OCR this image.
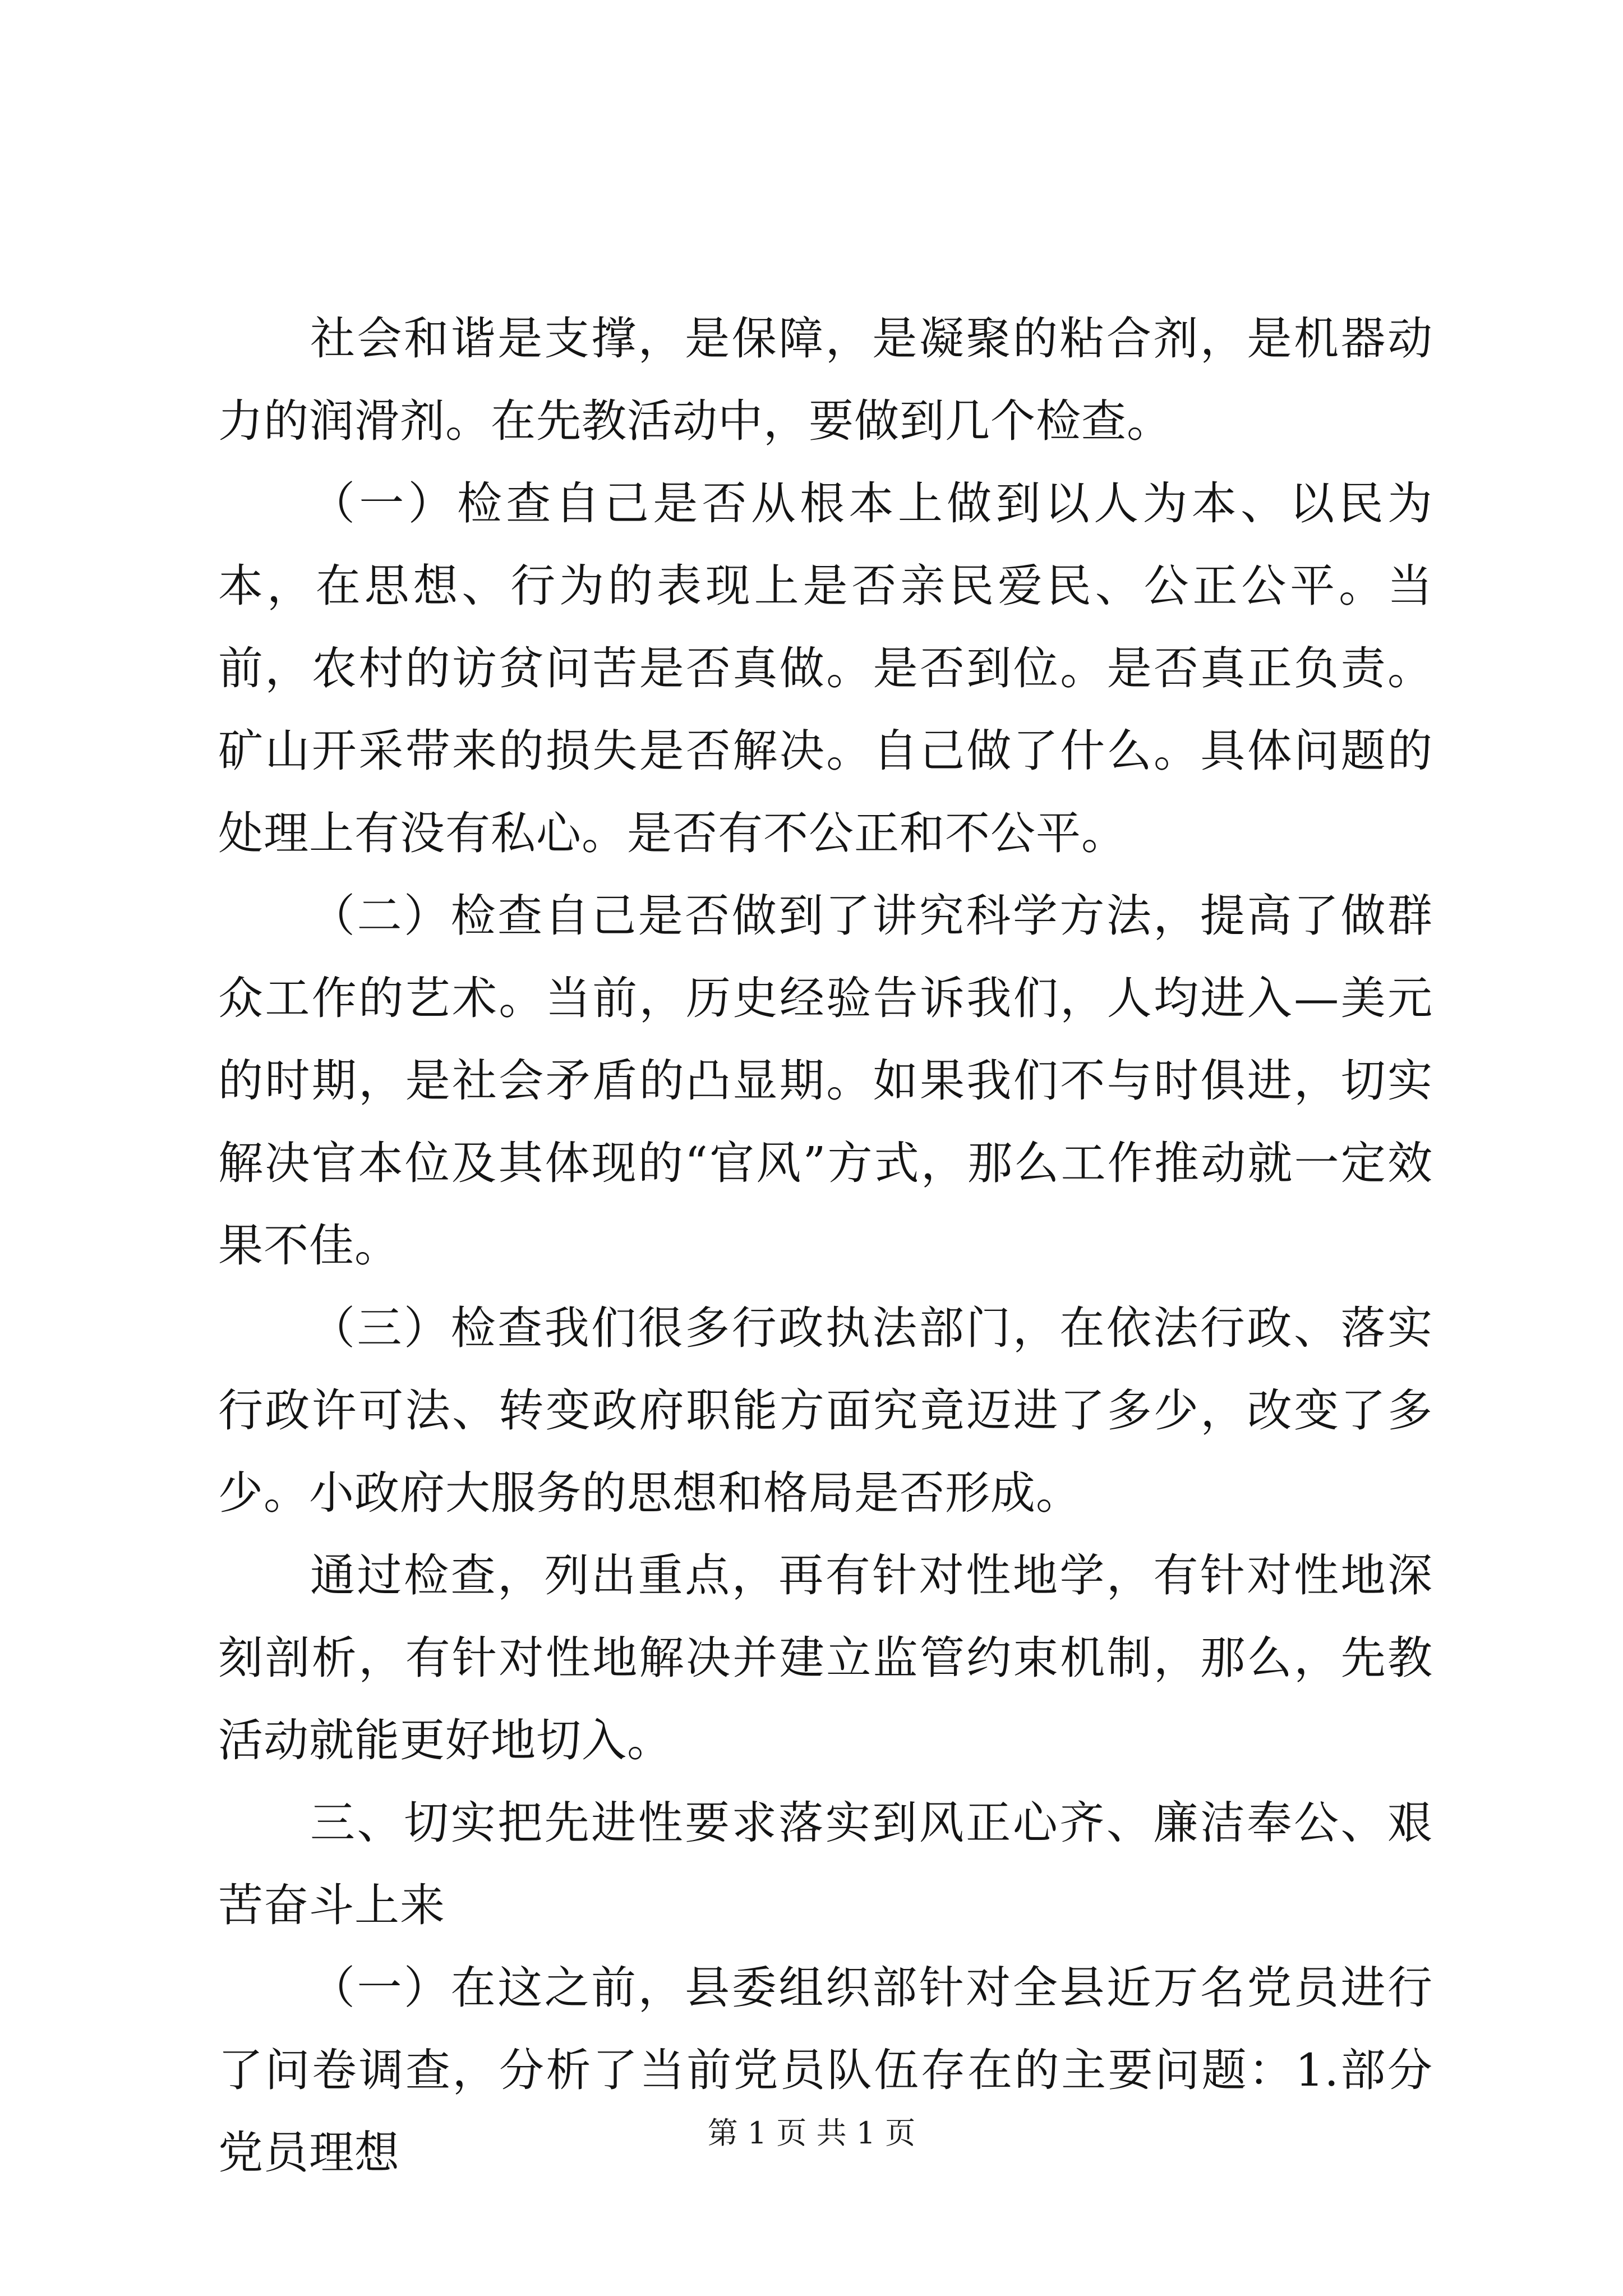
社会和谐是支撑，是保障，是凝聚的粘合剂，是机器动力的润滑剂。在先教活动中，要做到几个检查。

（一）检查自己是否从根本上做到以人为本、以民为本，在思想、行为的表现上是否亲民爱民、公正公平。当前，农村的访贫问苦是否真做。是否到位。是否真正负责。矿山开采带来的损失是否解决。自己做了什么。具体问题的处理上有没有私心。是否有不公正和不公平。

（二）检查自己是否做到了讲究科学方法，提高了做群众工作的艺术。当前，历史经验告诉我们，人均进入—美元的时期，是社会矛盾的凸显期。如果我们不与时俱进，切实解决官本位及其体现的“官风”方式，那么工作推动就一定效果不佳。

（三）检查我们很多行政执法部门，在依法行政、落实行政许可法、转变政府职能方面究竟迈进了多少，改变了多少。小政府大服务的思想和格局是否形成。

通过检查，列出重点，再有针对性地学，有针对性地深刻剖析，有针对性地解决并建立监管约束机制，那么，先教活动就能更好地切入。

三、切实把先进性要求落实到风正心齐、廉洁奉公、艰苦奋斗上来

（一）在这之前，县委组织部针对全县近万名党员进行了问卷调查，分析了当前党员队伍存在的主要问题：1.部分党员理想	第 1 页 共 1 页
